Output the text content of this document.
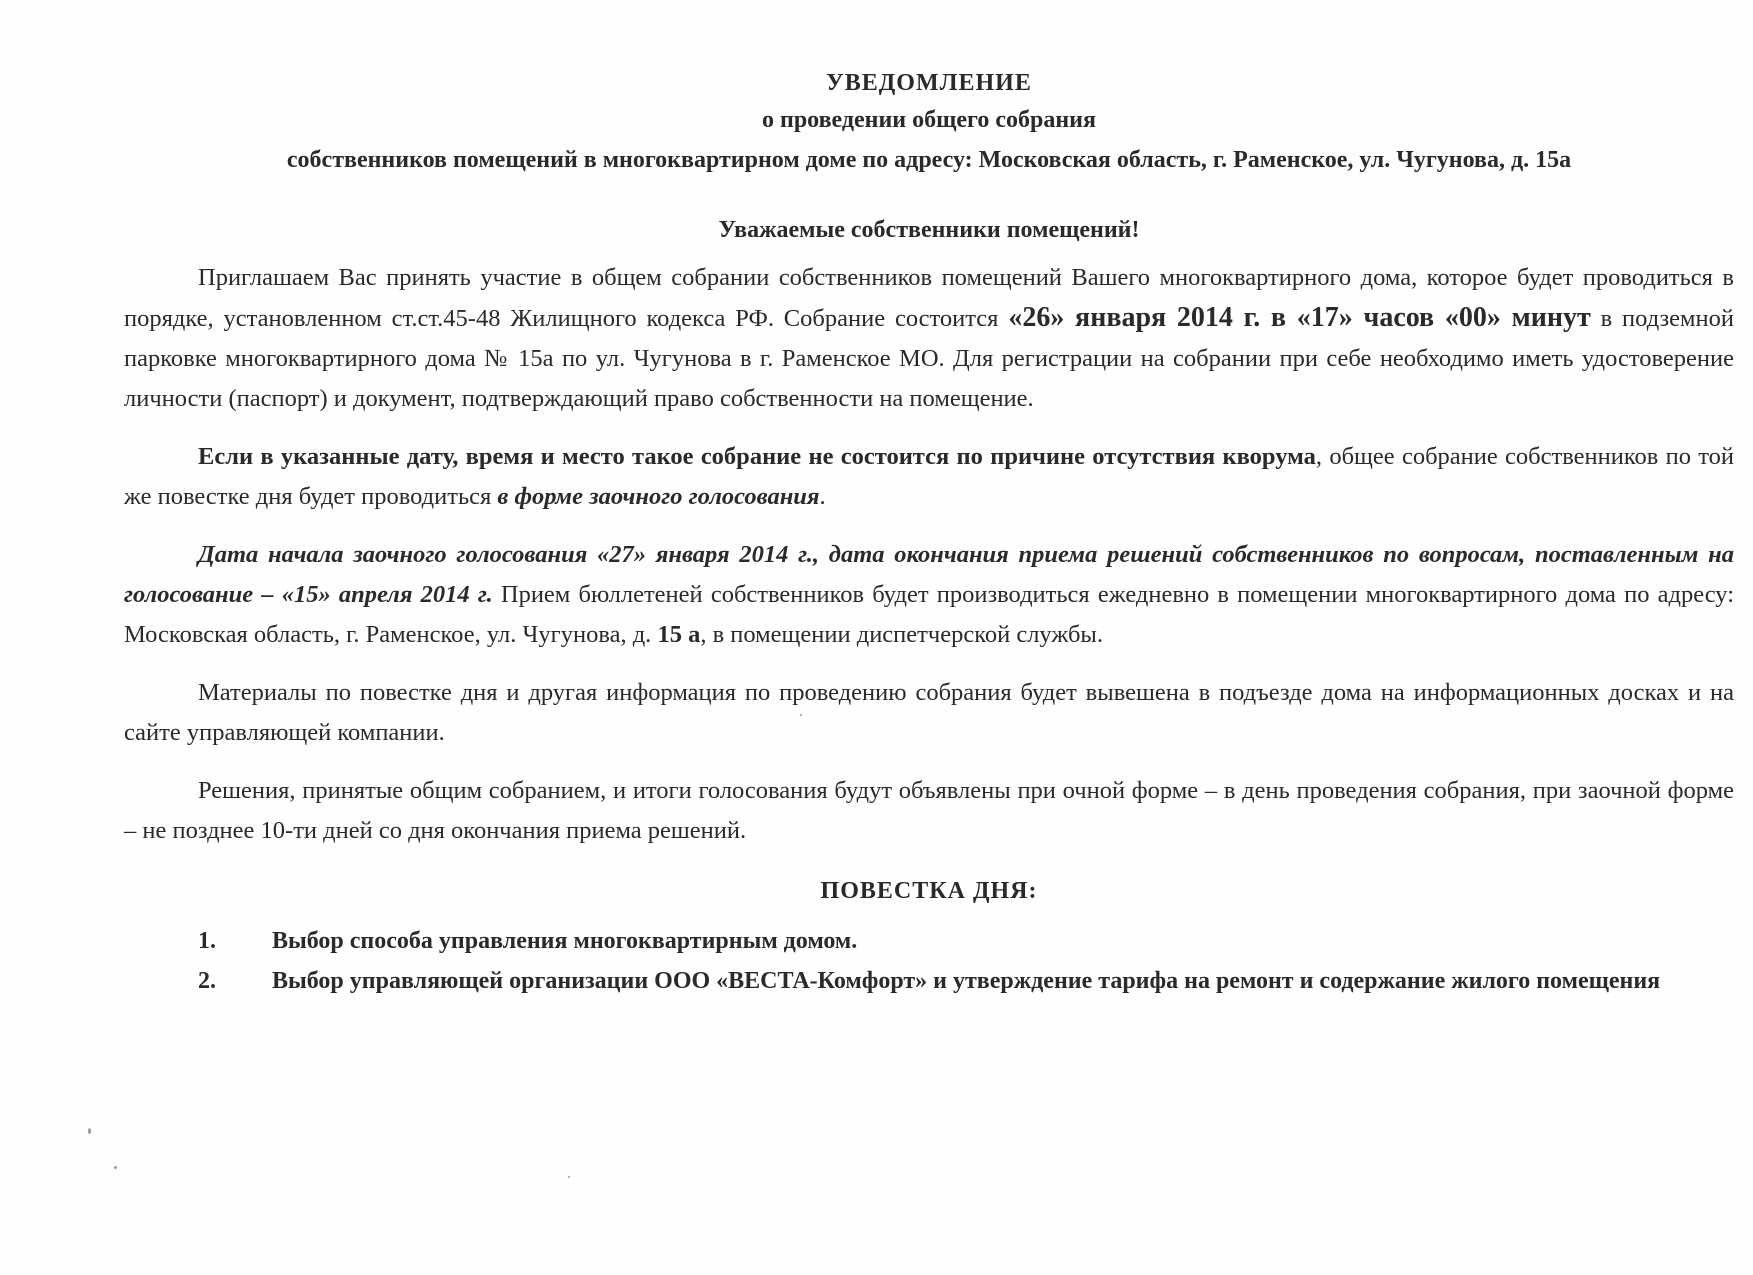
УВЕДОМЛЕНИЕ

о проведении общего собрания

собственников помещений в многоквартирном доме по адресу: Московская область, г. Раменское, ул. Чугунова, д. 15а

Уважаемые собственники помещений!

Приглашаем Вас принять участие в общем собрании собственников помещений Вашего многоквартирного дома, которое будет проводиться в порядке, установленном ст.ст.45-48 Жилищного кодекса РФ. Собрание состоится «26» января 2014 г. в «17» часов «00» минут в подземной парковке многоквартирного дома № 15а по ул. Чугунова в г. Раменское МО. Для регистрации на собрании при себе необходимо иметь удостоверение личности (паспорт) и документ, подтверждающий право собственности на помещение.

Если в указанные дату, время и место такое собрание не состоится по причине отсутствия кворума, общее собрание собственников по той же повестке дня будет проводиться в форме заочного голосования.

Дата начала заочного голосования «27» января 2014 г., дата окончания приема решений собственников по вопросам, поставленным на голосование – «15» апреля 2014 г. Прием бюллетеней собственников будет производиться ежедневно в помещении многоквартирного дома по адресу: Московская область, г. Раменское, ул. Чугунова, д. 15 а, в помещении диспетчерской службы.

Материалы по повестке дня и другая информация по проведению собрания будет вывешена в подъезде дома на информационных досках и на сайте управляющей компании.

Решения, принятые общим собранием, и итоги голосования будут объявлены при очной форме – в день проведения собрания, при заочной форме – не позднее 10-ти дней со дня окончания приема решений.

ПОВЕСТКА ДНЯ:

1. Выбор способа управления многоквартирным домом.

2. Выбор управляющей организации ООО «ВЕСТА-Комфорт» и утверждение тарифа на ремонт и содержание жилого помещения
